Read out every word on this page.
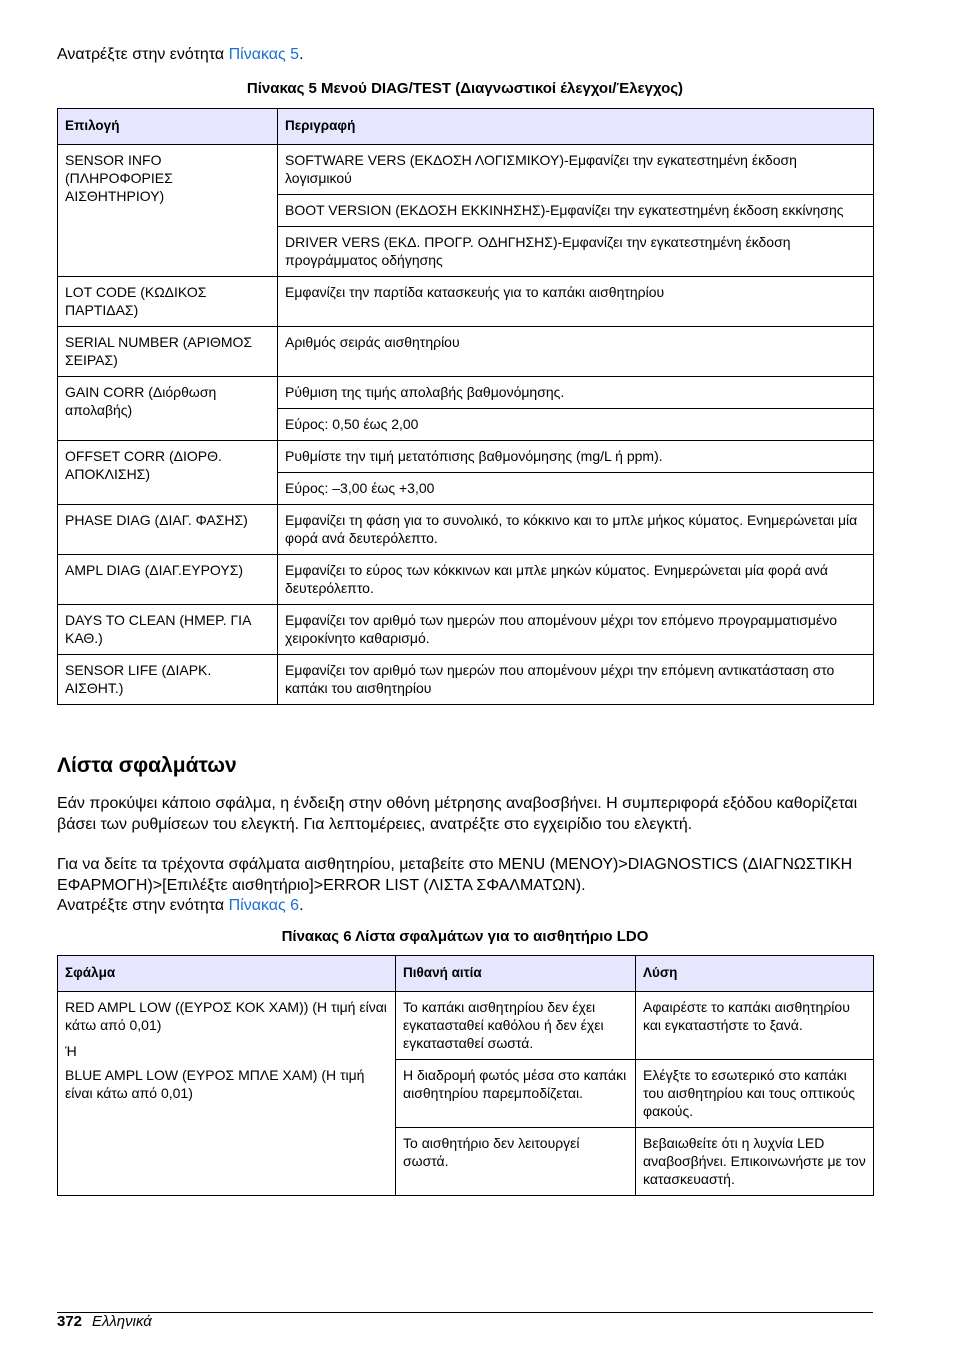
Ανατρέξτε στην ενότητα Πίνακας 5.

Πίνακας 5 Μενού DIAG/TEST (Διαγνωστικοί έλεγχοι/Έλεγχος)
Επιλογή	Περιγραφή
SENSOR INFO (ΠΛΗΡΟΦΟΡΙΕΣ ΑΙΣΘΗΤΗΡΙΟΥ)	SOFTWARE VERS (ΕΚΔΟΣΗ ΛΟΓΙΣΜΙΚΟΥ)-Εμφανίζει την εγκατεστημένη έκδοση λογισμικού
	BOOT VERSION (ΕΚΔΟΣΗ ΕΚΚΙΝΗΣΗΣ)-Εμφανίζει την εγκατεστημένη έκδοση εκκίνησης
	DRIVER VERS (ΕΚΔ. ΠΡΟΓΡ. ΟΔΗΓΗΣΗΣ)-Εμφανίζει την εγκατεστημένη έκδοση προγράμματος οδήγησης
LOT CODE (ΚΩΔΙΚΟΣ ΠΑΡΤΙΔΑΣ)	Εμφανίζει την παρτίδα κατασκευής για το καπάκι αισθητηρίου
SERIAL NUMBER (ΑΡΙΘΜΟΣ ΣΕΙΡΑΣ)	Αριθμός σειράς αισθητηρίου
GAIN CORR (Διόρθωση απολαβής)	Ρύθμιση της τιμής απολαβής βαθμονόμησης.
	Εύρος: 0,50 έως 2,00
OFFSET CORR (ΔΙΟΡΘ. ΑΠΟΚΛΙΣΗΣ)	Ρυθμίστε την τιμή μετατόπισης βαθμονόμησης (mg/L ή ppm).
	Εύρος: –3,00 έως +3,00
PHASE DIAG (ΔΙΑΓ. ΦΑΣΗΣ)	Εμφανίζει τη φάση για το συνολικό, το κόκκινο και το μπλε μήκος κύματος. Ενημερώνεται μία φορά ανά δευτερόλεπτο.
AMPL DIAG (ΔΙΑΓ.ΕΥΡΟΥΣ)	Εμφανίζει το εύρος των κόκκινων και μπλε μηκών κύματος. Ενημερώνεται μία φορά ανά δευτερόλεπτο.
DAYS TO CLEAN (ΗΜΕΡ. ΓΙΑ ΚΑΘ.)	Εμφανίζει τον αριθμό των ημερών που απομένουν μέχρι τον επόμενο προγραμματισμένο χειροκίνητο καθαρισμό.
SENSOR LIFE (ΔΙΑΡΚ. ΑΙΣΘΗΤ.)	Εμφανίζει τον αριθμό των ημερών που απομένουν μέχρι την επόμενη αντικατάσταση στο καπάκι του αισθητηρίου
Λίστα σφαλμάτων

Εάν προκύψει κάποιο σφάλμα, η ένδειξη στην οθόνη μέτρησης αναβοσβήνει. Η συμπεριφορά εξόδου καθορίζεται βάσει των ρυθμίσεων του ελεγκτή. Για λεπτομέρειες, ανατρέξτε στο εγχειρίδιο του ελεγκτή.

Για να δείτε τα τρέχοντα σφάλματα αισθητηρίου, μεταβείτε στο MENU (ΜΕΝΟΥ)>DIAGNOSTICS (ΔΙΑΓΝΩΣΤΙΚΗ ΕΦΑΡΜΟΓΗ)>[Επιλέξτε αισθητήριο]>ERROR LIST (ΛΙΣΤΑ ΣΦΑΛΜΑΤΩΝ).

Ανατρέξτε στην ενότητα Πίνακας 6.

Πίνακας 6 Λίστα σφαλμάτων για το αισθητήριο LDO
Σφάλμα	Πιθανή αιτία	Λύση
RED AMPL LOW ((ΕΥΡΟΣ ΚΟΚ ΧΑΜ)) (Η τιμή είναι κάτω από 0,01)
Ή
BLUE AMPL LOW (ΕΥΡΟΣ ΜΠΛΕ ΧΑΜ) (Η τιμή είναι κάτω από 0,01)	Το καπάκι αισθητηρίου δεν έχει εγκατασταθεί καθόλου ή δεν έχει εγκατασταθεί σωστά.	Αφαιρέστε το καπάκι αισθητηρίου και εγκαταστήστε το ξανά.
	Η διαδρομή φωτός μέσα στο καπάκι αισθητηρίου παρεμποδίζεται.	Ελέγξτε το εσωτερικό στο καπάκι του αισθητηρίου και τους οπτικούς φακούς.
	Το αισθητήριο δεν λειτουργεί σωστά.	Βεβαιωθείτε ότι η λυχνία LED αναβοσβήνει. Επικοινωνήστε με τον κατασκευαστή.
372 Ελληνικά
